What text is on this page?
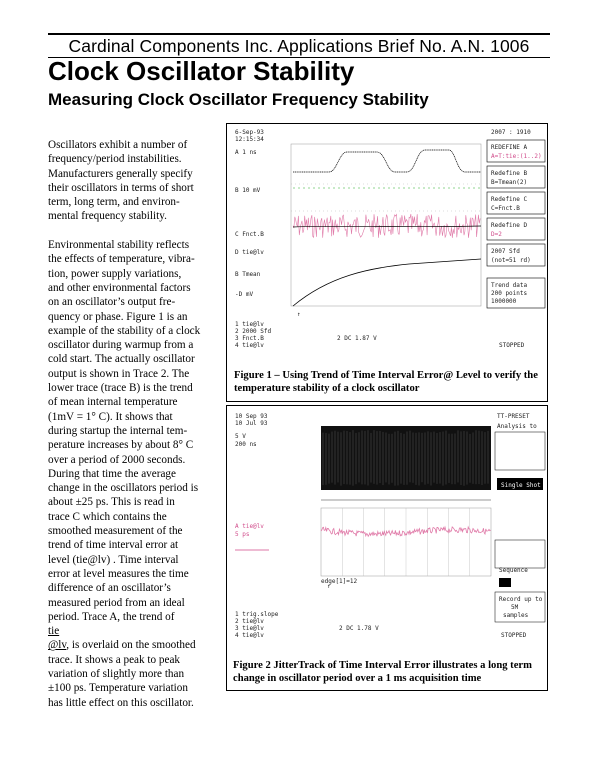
Cardinal Components Inc. Applications Brief No. A.N. 1006
Clock Oscillator Stability
Measuring Clock Oscillator Frequency Stability

Oscillators exhibit a number of
frequency/period instabilities.
Manufacturers generally specify
their oscillators in terms of short
term, long term, and environ-
mental frequency stability.

Environmental stability reflects
the effects of temperature, vibra-
tion, power supply variations,
and other environmental factors
on an oscillator’s output fre-
quency or phase. Figure 1 is an
example of the stability of a clock
oscillator during warmup from a
cold start. The actually oscillator
output is shown in Trace 2. The
lower trace (trace B) is the trend
of mean internal temperature
(1mV = 1° C). It shows that
during startup the internal tem-
perature increases by about 8° C
over a period of 2000 seconds.
During that time the average
change in the oscillators period is
about ±25 ps. This is read in
trace C which contains the
smoothed measurement of the
trend of time interval error at
level (tie@lv) . Time interval
error at level measures the time
difference of an oscillator’s
measured period from an ideal
period. Trace A, the trend of
tie
@lv, is overlaid on the smoothed
trace. It shows a peak to peak
variation of slightly more than
±100 ps. Temperature variation
has little effect on this oscillator.

6-Sep-93
12:15:34
2007 : 1910
A 1 ns
B 10 mV
C Fnct.B
D tie@lv
B Tmean
-D mV
REDEFINE A
A=T:tie:(1..2)
Redefine B
B=Tmean(2)
Redefine C
C=Fnct.B
Redefine D
D=2
2007 Sfd
(not=51 rd)
Trend data
200 points
1000000
1 tie@lv
2 2000 Sfd
3 Fnct.B
4 tie@lv
2 DC 1.87 V
STOPPED
↑
Figure 1 – Using Trend of Time Interval Error@ Level to verify the temperature stability of a clock oscillator
10 Sep 93
10 Jul 93
5 V
200 ns
TT-PRESET
Analysis to
A tie@lv
5 ps
Single Shot
Sequence
Record up to
5M
samples
↑
edge[1]=12
1 trig.slope
2 tie@lv
3 tie@lv
4 tie@lv
2 DC 1.78 V
STOPPED
Figure 2 JitterTrack of Time Interval Error illustrates a long term change in oscillator period over a 1 ms acquisition time
